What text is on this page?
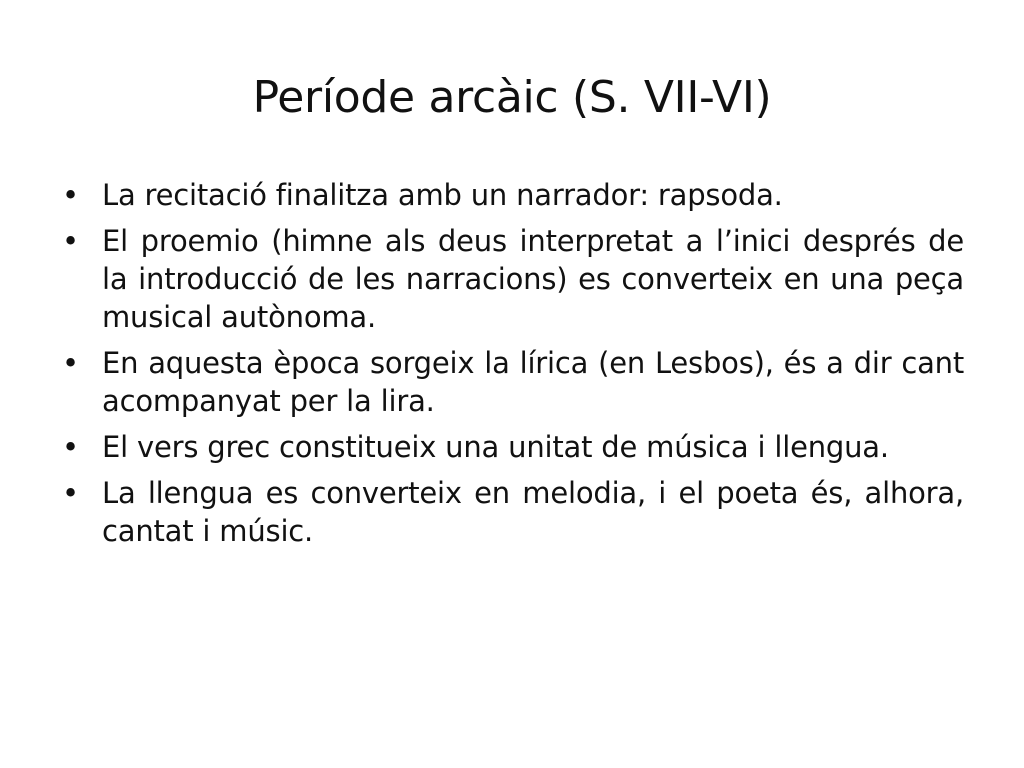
Període arcàic (S. VII-VI)
• La recitació finalitza amb un narrador: rapsoda.
• El proemio (himne als deus interpretat a l’inici després de la introducció de les narracions) es converteix en una peça musical autònoma.
• En aquesta època sorgeix la lírica (en Lesbos), és a dir cant acompanyat per la lira.
• El vers grec constitueix una unitat de música i llengua.
• La llengua es converteix en melodia, i el poeta és, alhora, cantat i músic.
